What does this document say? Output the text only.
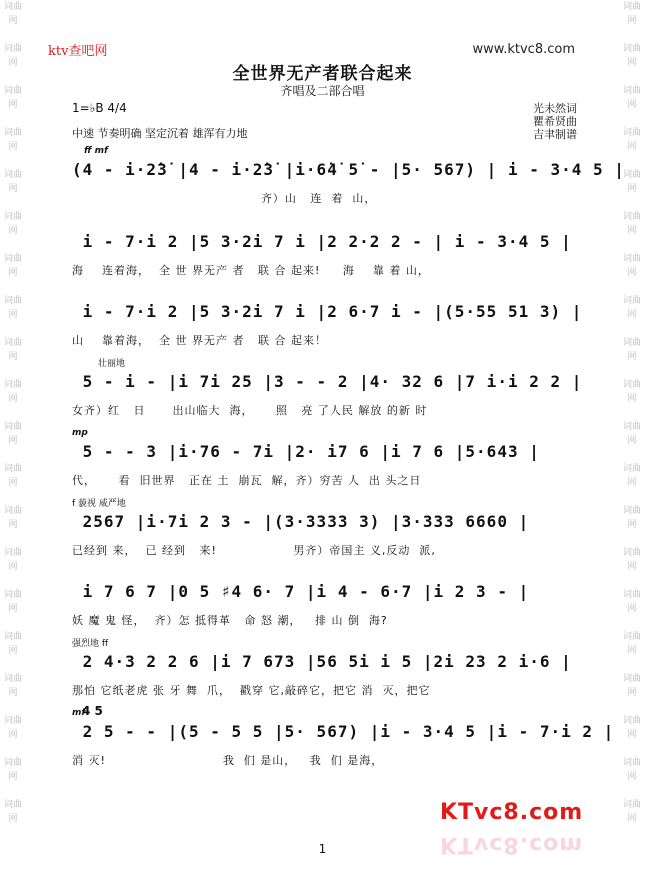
词曲网

词曲网

词曲网

词曲网

词曲网

词曲网

词曲网

词曲网

词曲网

词曲网

词曲网

词曲网

词曲网

词曲网

词曲网

词曲网

词曲网

词曲网

词曲网

词曲网

词曲网

词曲网

词曲网

词曲网

词曲网

词曲网

词曲网

词曲网

词曲网

词曲网

词曲网

词曲网

词曲网

词曲网

词曲网

词曲网

词曲网

词曲网

词曲网

词曲网

ktv查吧网	www.ktvc8.com
全世界无产者联合起来
齐唱及二部合唱
1=♭B 4/4
中速 节奏明确 坚定沉着 雄浑有力地
光未然词
瞿希贤曲
吉聿制谱
ff mf
(4 - i·2̇3̇ |4 - i·2̇3̇ |i·6̇4̇ 5̇ - |5· 567) | i - 3·4 5 |
齐）山   连  着  山，
i - 7·i 2 |5 3·2i 7 i |2 2·2 2 - | i - 3·4 5 |
海    连着海，  全 世 界无产 者   联 合 起来!     海    靠 着 山，
i - 7·i 2 |5 3·2i 7 i |2 6·7 i - |(5·55 51 3) |
山    靠着海，  全 世 界无产 者   联 合 起来！
壮丽地
5 - i - |i 7i 25 |3 - - 2 |4· 32 6 |7 i·i 2 2 |
女齐）红   日      出山临大  海，     照   亮 了人民 解放 的新 时
mp
5 - - 3 |i·76 - 7i |2· i7 6 |i 7 6 |5·643 |
代，     看  旧世界   正在 土  崩瓦  解，齐）穷苦 人  出 头之日
f 藐视 威严地
2567 |i·7i 2 3 - |(3·3333 3) |3·333 6660 |
已经到 来，  已 经到   来!                 男齐）帝国主 义,反动  派,
i 7 6 7 |0 5 ♯4 6· 7 |i 4 - 6·7 |i 2 3 - |
妖 魔 鬼 怪，  齐）怎 抵得革   命 怒 潮，   排 山 倒  海?
强烈地 ff
2 4·3 2 2 6 |i 7 673 |56 5i i 5 |2i 23 2 i·6 |
那怕 它纸老虎 张 牙 舞  爪，  戳穿 它,敲碎它，把它 消  灭，把它
4 5
mf
2 5 - - |(5 - 5 5 |5· 567) |i - 3·4 5 |i - 7·i 2 |
消 灭!                          我  们 是山，   我  们 是海，
KTvc8.com
KTvc8.com
1
